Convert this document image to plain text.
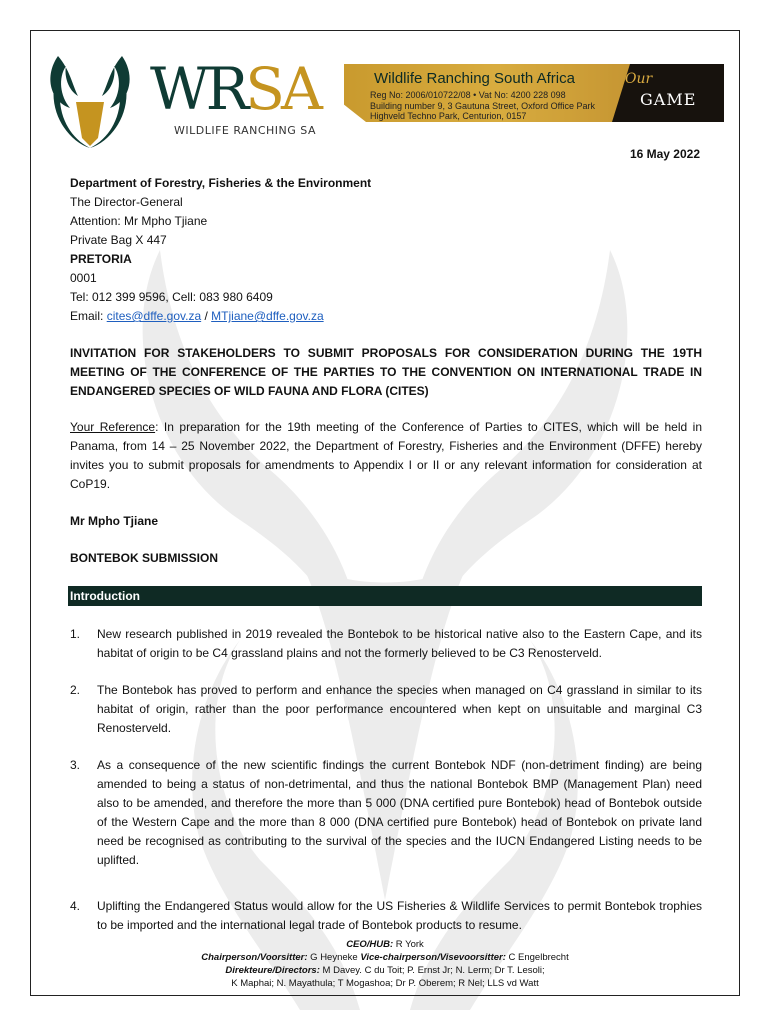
WRSA
WILDLIFE RANCHING SA
Wildlife Ranching South Africa
Reg No: 2006/010722/08 • Vat No: 4200 228 098
Building number 9, 3 Gautuna Street, Oxford Office Park
Highveld Techno Park, Centurion, 0157
Our
GAME
16 May 2022
Department of Forestry, Fisheries & the Environment
The Director-General
Attention: Mr Mpho Tjiane
Private Bag X 447
PRETORIA
0001
Tel: 012 399 9596, Cell: 083 980 6409
Email: cites@dffe.gov.za / MTjiane@dffe.gov.za
INVITATION FOR STAKEHOLDERS TO SUBMIT PROPOSALS FOR CONSIDERATION DURING THE 19TH MEETING OF THE CONFERENCE OF THE PARTIES TO THE CONVENTION ON INTERNATIONAL TRADE IN ENDANGERED SPECIES OF WILD FAUNA AND FLORA (CITES)
Your Reference: In preparation for the 19th meeting of the Conference of Parties to CITES, which will be held in Panama, from 14 – 25 November 2022, the Department of Forestry, Fisheries and the Environment (DFFE) hereby invites you to submit proposals for amendments to Appendix I or II or any relevant information for consideration at CoP19.
Mr Mpho Tjiane
BONTEBOK SUBMISSION
Introduction
1. New research published in 2019 revealed the Bontebok to be historical native also to the Eastern Cape, and its habitat of origin to be C4 grassland plains and not the formerly believed to be C3 Renosterveld.
2. The Bontebok has proved to perform and enhance the species when managed on C4 grassland in similar to its habitat of origin, rather than the poor performance encountered when kept on unsuitable and marginal C3 Renosterveld.
3. As a consequence of the new scientific findings the current Bontebok NDF (non-detriment finding) are being amended to being a status of non-detrimental, and thus the national Bontebok BMP (Management Plan) need also to be amended, and therefore the more than 5 000 (DNA certified pure Bontebok) head of Bontebok outside of the Western Cape and the more than 8 000 (DNA certified pure Bontebok) head of Bontebok on private land need be recognised as contributing to the survival of the species and the IUCN Endangered Listing needs to be uplifted.
4. Uplifting the Endangered Status would allow for the US Fisheries & Wildlife Services to permit Bontebok trophies to be imported and the international legal trade of Bontebok products to resume.
CEO/HUB: R York
Chairperson/Voorsitter: G Heyneke Vice-chairperson/Visevoorsitter: C Engelbrecht
Direkteure/Directors: M Davey. C du Toit; P. Ernst Jr; N. Lerm; Dr T. Lesoli;
K Maphai; N. Mayathula; T Mogashoa; Dr P. Oberem; R Nel; LLS vd Watt
